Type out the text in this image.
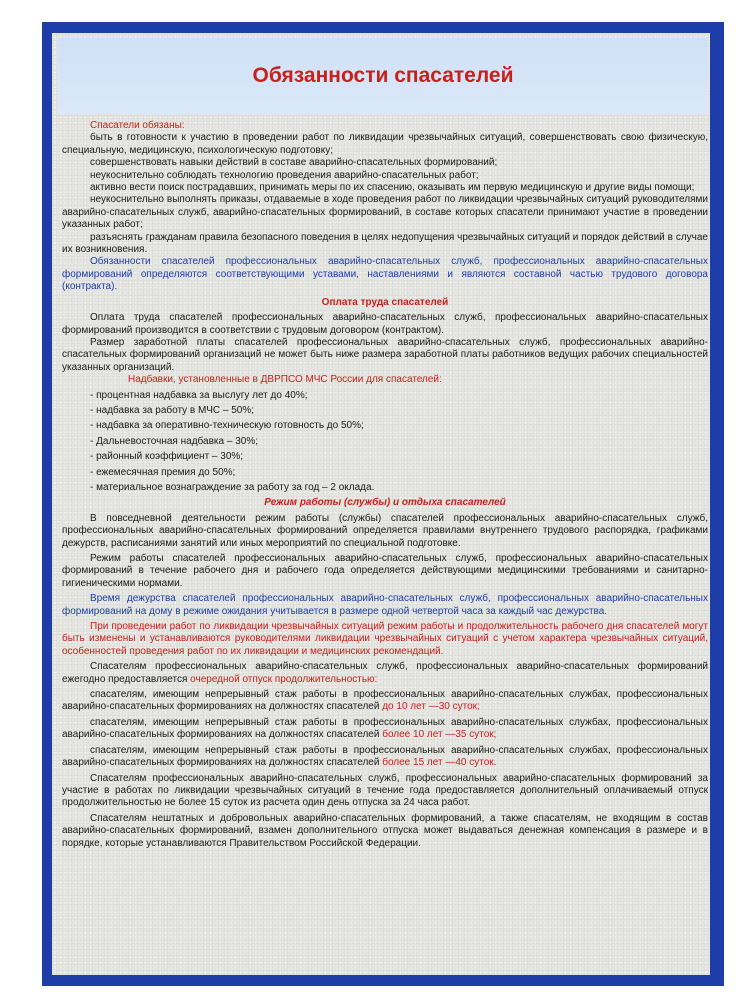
Обязанности спасателей

Спасатели обязаны:

быть в готовности к участию в проведении работ по ликвидации чрезвычайных ситуаций, совершенствовать свою физическую, специальную, медицинскую, психологическую подготовку;

совершенствовать навыки действий в составе аварийно-спасательных формирований;

неукоснительно соблюдать технологию проведения аварийно-спасательных работ;

активно вести поиск пострадавших, принимать меры по их спасению, оказывать им первую медицинскую и другие виды помощи;

неукоснительно выполнять приказы, отдаваемые в ходе проведения работ по ликвидации чрезвычайных ситуаций руководителями аварийно-спасательных служб, аварийно-спасательных формирований, в составе которых спасатели принимают участие в проведении указанных работ;

разъяснять гражданам правила безопасного поведения в целях недопущения чрезвычайных ситуаций и порядок действий в случае их возникновения.

Обязанности спасателей профессиональных аварийно-спасательных служб, профессиональных аварийно-спасательных формирований определяются соответствующими уставами, наставлениями и являются составной частью трудового договора (контракта).

Оплата труда спасателей

Оплата труда спасателей профессиональных аварийно-спасательных служб, профессиональных аварийно-спасательных формирований производится в соответствии с трудовым договором (контрактом).

Размер заработной платы спасателей профессиональных аварийно-спасательных служб, профессиональных аварийно-спасательных формирований организаций не может быть ниже размера заработной платы работников ведущих рабочих специальностей указанных организаций.

Надбавки, установленные в ДВРПСО МЧС России для спасателей:

- процентная надбавка за выслугу лет до 40%;

- надбавка за работу в МЧС – 50%;

- надбавка за оперативно-техническую готовность до 50%;

- Дальневосточная надбавка – 30%;

- районный коэффициент – 30%;

- ежемесячная премия до 50%;

- материальное вознаграждение за работу за год – 2 оклада.

Режим работы (службы) и отдыха спасателей

В повседневной деятельности режим работы (службы) спасателей профессиональных аварийно-спасательных служб, профессиональных аварийно-спасательных формирований определяется правилами внутреннего трудового распорядка, графиками дежурств, расписаниями занятий или иных мероприятий по специальной подготовке.

Режим работы спасателей профессиональных аварийно-спасательных служб, профессиональных аварийно-спасательных формирований в течение рабочего дня и рабочего года определяется действующими медицинскими требованиями и санитарно-гигиеническими нормами.

Время дежурства спасателей профессиональных аварийно-спасательных служб, профессиональных аварийно-спасательных формирований на дому в режиме ожидания учитывается в размере одной четвертой часа за каждый час дежурства.

При проведении работ по ликвидации чрезвычайных ситуаций режим работы и продолжительность рабочего дня спасателей могут быть изменены и устанавливаются руководителями ликвидации чрезвычайных ситуаций с учетом характера чрезвычайных ситуаций, особенностей проведения работ по их ликвидации и медицинских рекомендаций.

Спасателям профессиональных аварийно-спасательных служб, профессиональных аварийно-спасательных формирований ежегодно предоставляется очередной отпуск продолжительностью:

спасателям, имеющим непрерывный стаж работы в профессиональных аварийно-спасательных службах, профессиональных аварийно-спасательных формированиях на должностях спасателей до 10 лет —30 суток;

спасателям, имеющим непрерывный стаж работы в профессиональных аварийно-спасательных службах, профессиональных аварийно-спасательных формированиях на должностях спасателей более 10 лет —35 суток;

спасателям, имеющим непрерывный стаж работы в профессиональных аварийно-спасательных службах, профессиональных аварийно-спасательных формированиях на должностях спасателей более 15 лет —40 суток.

Спасателям профессиональных аварийно-спасательных служб, профессиональных аварийно-спасательных формирований за участие в работах по ликвидации чрезвычайных ситуаций в течение года предоставляется дополнительный оплачиваемый отпуск продолжительностью не более 15 суток из расчета один день отпуска за 24 часа работ.

Спасателям нештатных и добровольных аварийно-спасательных формирований, а также спасателям, не входящим в состав аварийно-спасательных формирований, взамен дополнительного отпуска может выдаваться денежная компенсация в размере и в порядке, которые устанавливаются Правительством Российской Федерации.
